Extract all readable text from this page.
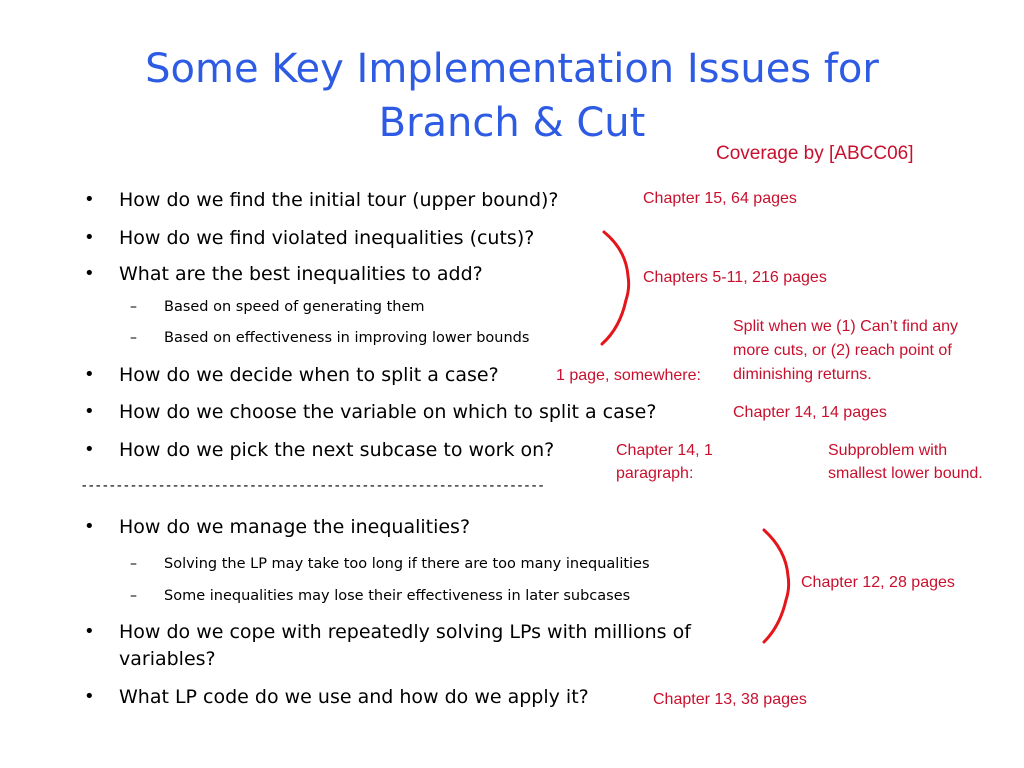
Some Key Implementation Issues for
Branch & Cut
Coverage by [ABCC06]
• How do we find the initial tour (upper bound)?
• How do we find violated inequalities (cuts)?
• What are the best inequalities to add?
– Based on speed of generating them
– Based on effectiveness in improving lower bounds
• How do we decide when to split a case?
• How do we choose the variable on which to split a case?
• How do we pick the next subcase to work on?
------------------------------------------------------------------
• How do we manage the inequalities?
– Solving the LP may take too long if there are too many inequalities
– Some inequalities may lose their effectiveness in later subcases
• How do we cope with repeatedly solving LPs with millions of
variables?
• What LP code do we use and how do we apply it?
Chapter 15, 64 pages
Chapters 5-11, 216 pages
Split when we (1) Can’t find any
more cuts, or (2) reach point of
diminishing returns.
1 page, somewhere:
Chapter 14, 14 pages
Chapter 14, 1
paragraph:
Subproblem with
smallest lower bound.
Chapter 12, 28 pages
Chapter 13, 38 pages
